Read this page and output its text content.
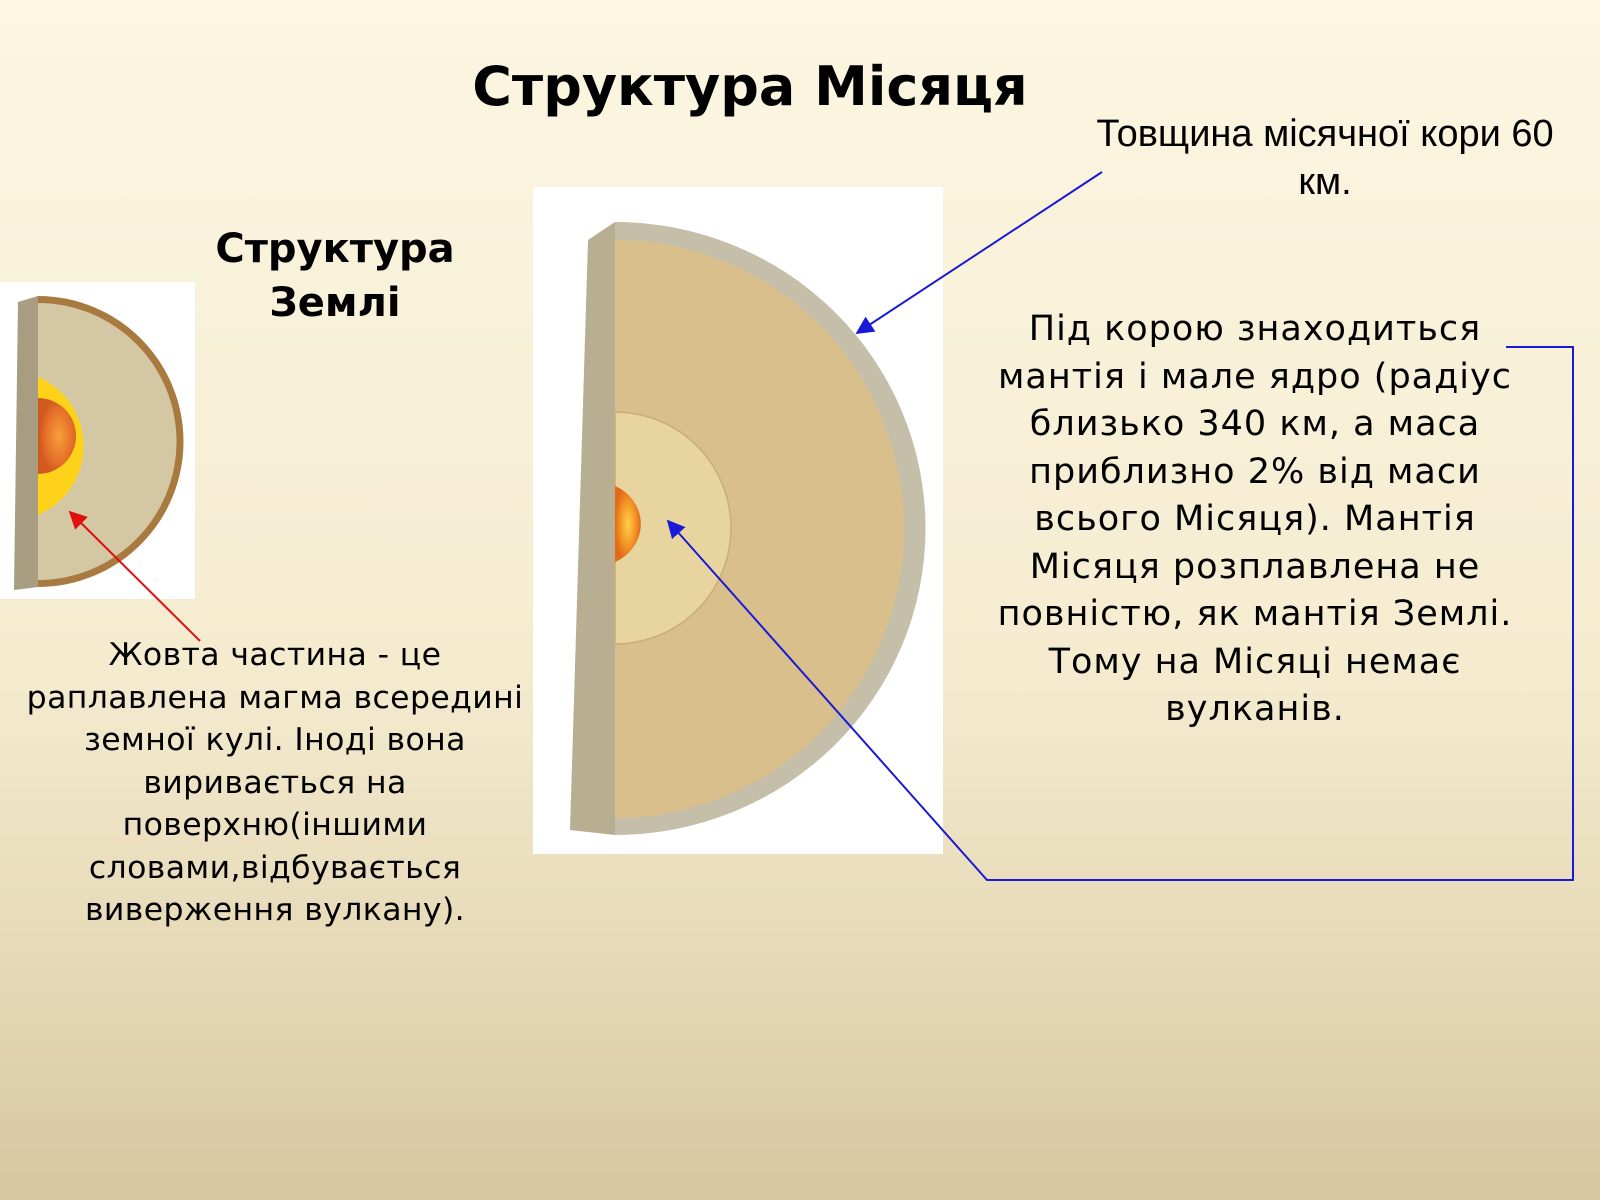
Структура Місяця
Структура Землі
Товщина місячної кори 60 км.
Під корою знаходиться мантія і мале ядро (радіус близько 340 км, а маса приблизно 2% від маси всього Місяця). Мантія Місяця розплавлена не повністю, як мантія Землі. Тому на Місяці немає вулканів.
Жовта частина - це раплавлена магма всередині земної кулі. Іноді вона виривається на поверхню(іншими словами,відбувається виверження вулкану).
